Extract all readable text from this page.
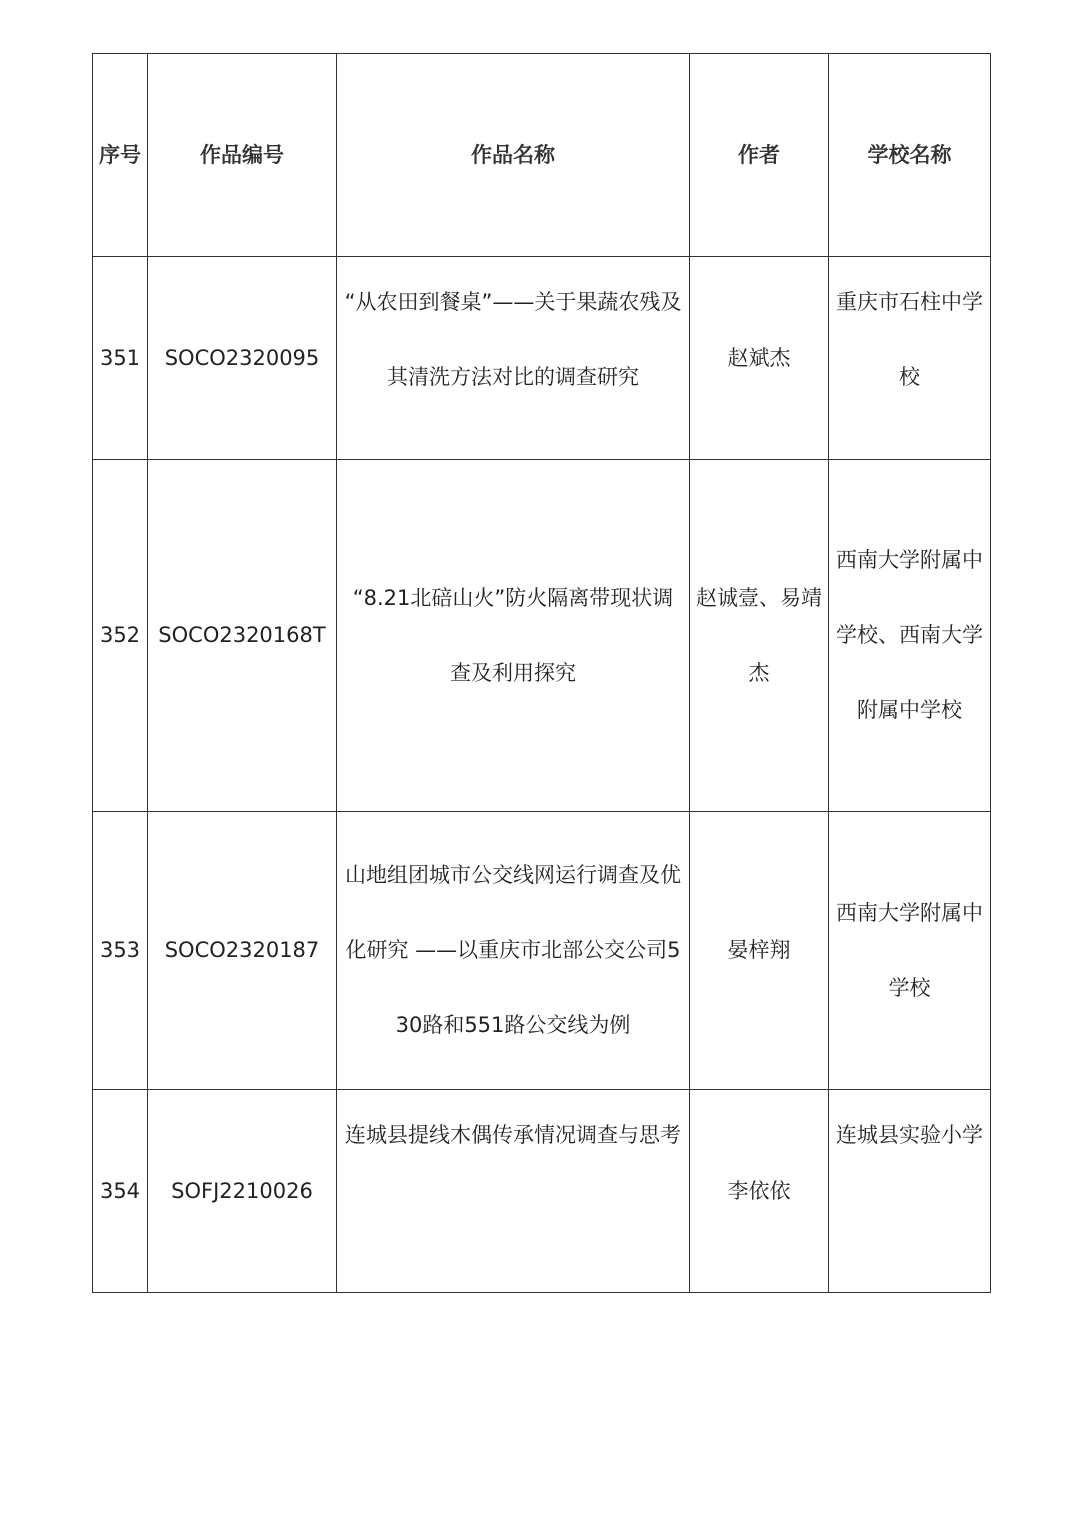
序号	作品编号	作品名称	作者	学校名称
351	SOCO2320095	“从农田到餐桌”——关于果蔬农残及其清洗方法对比的调查研究	赵斌杰	重庆市石柱中学校
352	SOCO2320168T	“8.21北碚山火”防火隔离带现状调查及利用探究	赵诚壹、易靖杰	西南大学附属中学校、西南大学附属中学校
353	SOCO2320187	山地组团城市公交线网运行调查及优化研究 ——以重庆市北部公交公司530路和551路公交线为例	晏梓翔	西南大学附属中学校
354	SOFJ2210026	连城县提线木偶传承情况调查与思考	李依依	连城县实验小学
